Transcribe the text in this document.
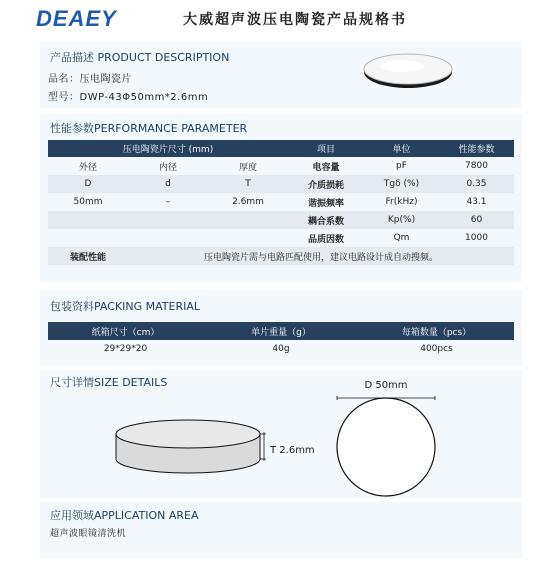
DEAEY	大威超声波压电陶瓷产品规格书
产品描述 PRODUCT DESCRIPTION
品名：压电陶瓷片
型号：DWP-43Φ50mm*2.6mm
性能参数PERFORMANCE PARAMETER
压电陶瓷片尺寸 (mm)			项目	单位	性能参数
外径	内径	厚度	电容量	pF	7800
D	d	T	介质损耗	Tgδ (%)	0.35
50mm	–	2.6mm	谐振频率	Fr(kHz)	43.1
			耦合系数	Kp(%)	60
			品质因数	Qm	1000
装配性能	压电陶瓷片需与电路匹配使用，建议电路设计成自动搜频。				
包装资料PACKING MATERIAL
纸箱尺寸（cm）	单片重量（g）	每箱数量（pcs）
29*29*20	40g	400pcs
尺寸详情SIZE DETAILS
T 2.6mm
D 50mm
应用领域APPLICATION AREA
超声波眼镜清洗机
